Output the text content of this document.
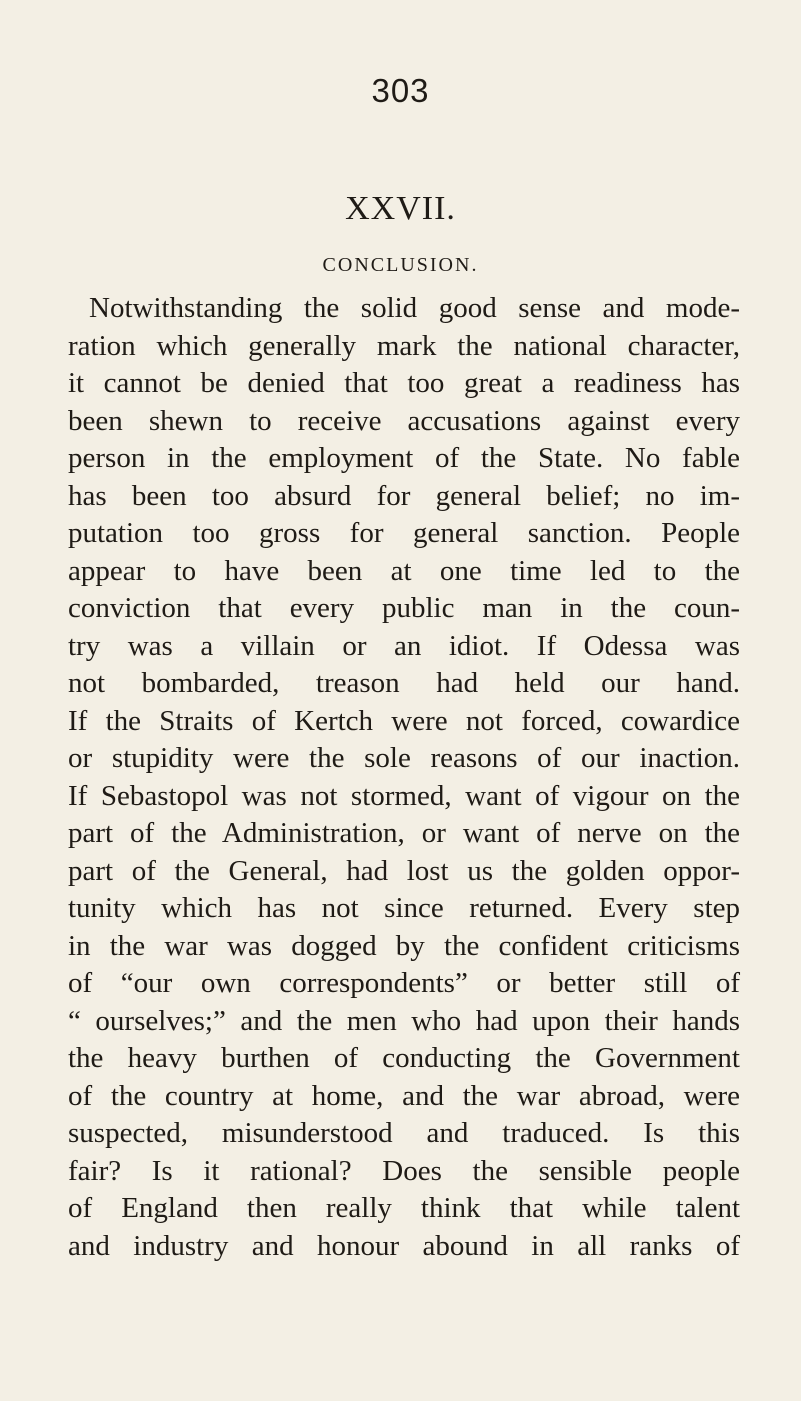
303
XXVII.
CONCLUSION.
Notwithstanding the solid good sense and mode-
ration which generally mark the national character,
it cannot be denied that too great a readiness has
been shewn to receive accusations against every
person in the employment of the State. No fable
has been too absurd for general belief; no im-
putation too gross for general sanction. People
appear to have been at one time led to the
conviction that every public man in the coun-
try was a villain or an idiot. If Odessa was
not bombarded, treason had held our hand.
If the Straits of Kertch were not forced, cowardice
or stupidity were the sole reasons of our inaction.
If Sebastopol was not stormed, want of vigour on the
part of the Administration, or want of nerve on the
part of the General, had lost us the golden oppor-
tunity which has not since returned. Every step
in the war was dogged by the confident criticisms
of “our own correspondents” or better still of
“ ourselves;” and the men who had upon their hands
the heavy burthen of conducting the Government
of the country at home, and the war abroad, were
suspected, misunderstood and traduced. Is this
fair? Is it rational? Does the sensible people
of England then really think that while talent
and industry and honour abound in all ranks of
